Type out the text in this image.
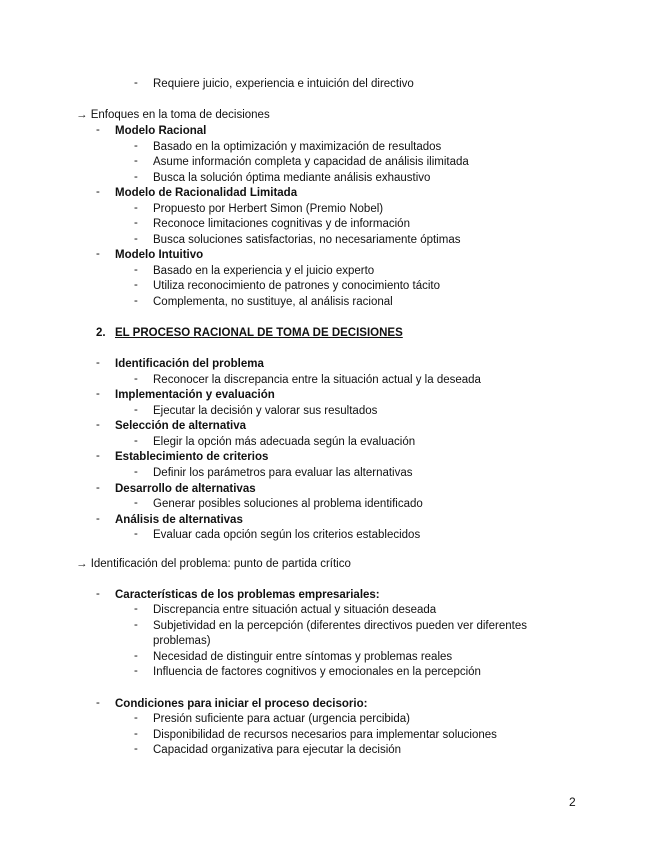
-	Requiere juicio, experiencia e intuición del directivo
→ Enfoques en la toma de decisiones
-	Modelo Racional
-	Basado en la optimización y maximización de resultados
-	Asume información completa y capacidad de análisis ilimitada
-	Busca la solución óptima mediante análisis exhaustivo
-	Modelo de Racionalidad Limitada
-	Propuesto por Herbert Simon (Premio Nobel)
-	Reconoce limitaciones cognitivas y de información
-	Busca soluciones satisfactorias, no necesariamente óptimas
-	Modelo Intuitivo
-	Basado en la experiencia y el juicio experto
-	Utiliza reconocimiento de patrones y conocimiento tácito
-	Complementa, no sustituye, al análisis racional
2. EL PROCESO RACIONAL DE TOMA DE DECISIONES
-	Identificación del problema
-	Reconocer la discrepancia entre la situación actual y la deseada
-	Implementación y evaluación
-	Ejecutar la decisión y valorar sus resultados
-	Selección de alternativa
-	Elegir la opción más adecuada según la evaluación
-	Establecimiento de criterios
-	Definir los parámetros para evaluar las alternativas
-	Desarrollo de alternativas
-	Generar posibles soluciones al problema identificado
-	Análisis de alternativas
-	Evaluar cada opción según los criterios establecidos
→ Identificación del problema: punto de partida crítico
-	Características de los problemas empresariales:
-	Discrepancia entre situación actual y situación deseada
-	Subjetividad en la percepción (diferentes directivos pueden ver diferentes
problemas)
-	Necesidad de distinguir entre síntomas y problemas reales
-	Influencia de factores cognitivos y emocionales en la percepción
-	Condiciones para iniciar el proceso decisorio:
-	Presión suficiente para actuar (urgencia percibida)
-	Disponibilidad de recursos necesarios para implementar soluciones
-	Capacidad organizativa para ejecutar la decisión
2
